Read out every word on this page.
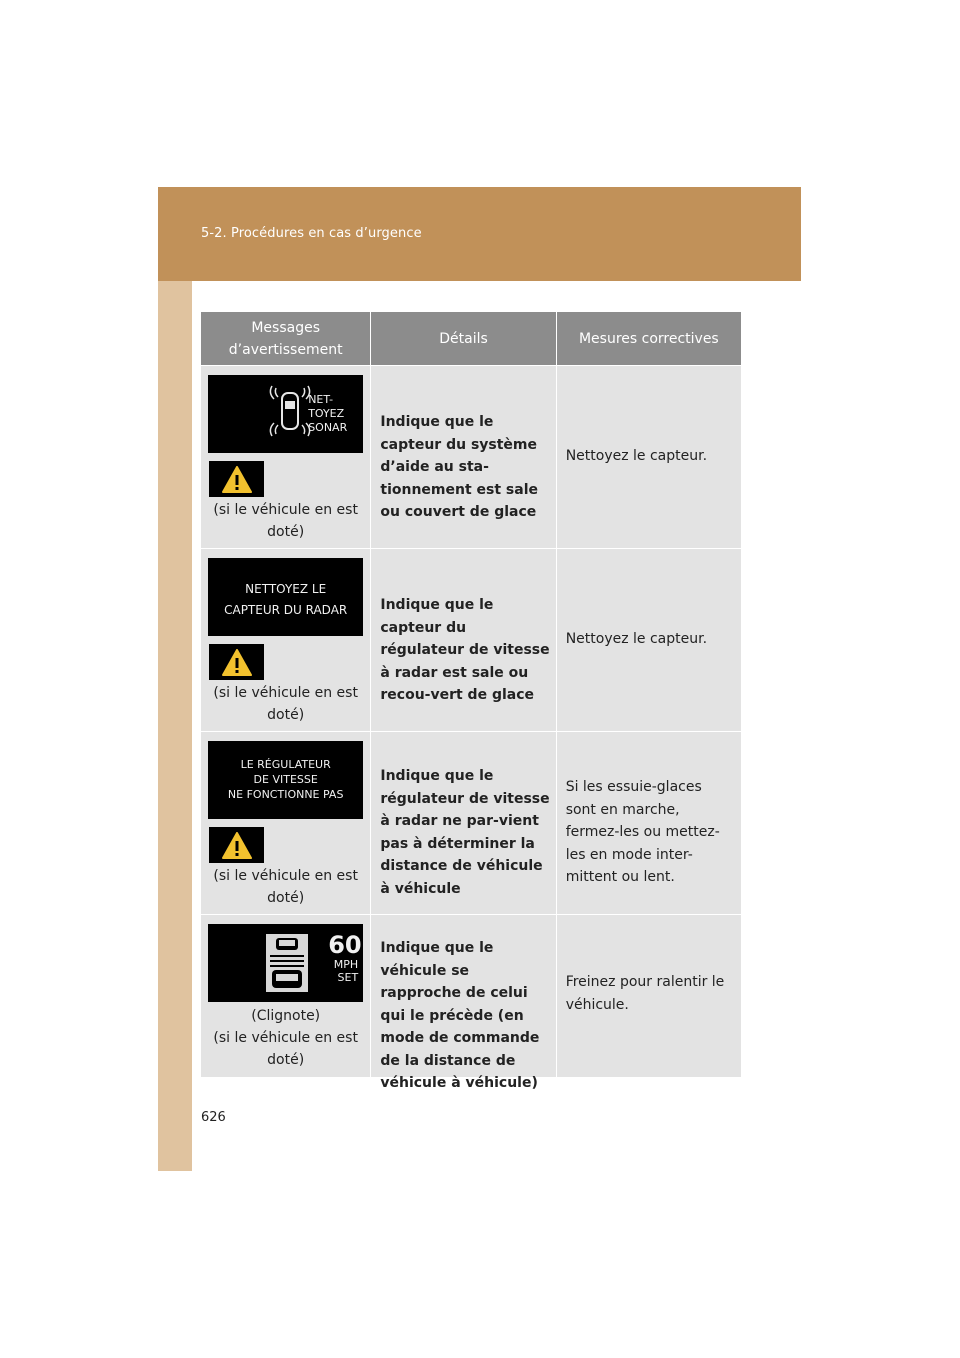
5-2. Procédures en cas d’urgence
Messages
d’avertissement
Détails	Mesures correctives
NET-
TOYEZ
SONAR
(si le véhicule en est doté)
Indique que le capteur du système d’aide au sta-tionnement est sale ou couvert de glace
Nettoyez le capteur.
NETTOYEZ LE
CAPTEUR DU RADAR
(si le véhicule en est doté)
Indique que le capteur du régulateur de vitesse à radar est sale ou recou-vert de glace
Nettoyez le capteur.
LE RÉGULATEUR
DE VITESSE
NE FONCTIONNE PAS
(si le véhicule en est doté)
Indique que le régulateur de vitesse à radar ne par-vient pas à déterminer la distance de véhicule à véhicule
Si les essuie-glaces sont en marche, fermez-les ou mettez-les en mode inter-mittent ou lent.
60
MPH
SET
(Clignote)
(si le véhicule en est doté)
Indique que le véhicule se rapproche de celui qui le précède (en mode de commande de la distance de véhicule à véhicule)
Freinez pour ralentir le véhicule.
626
